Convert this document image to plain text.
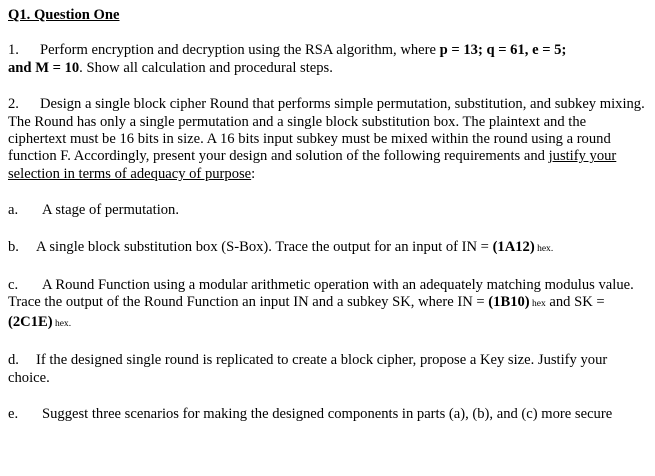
Q1. Question One
1. Perform encryption and decryption using the RSA algorithm, where p = 13; q = 61, e = 5;
and M = 10. Show all calculation and procedural steps.
2. Design a single block cipher Round that performs simple permutation, substitution, and subkey mixing. The Round has only a single permutation and a single block substitution box. The plaintext and the ciphertext must be 16 bits in size. A 16 bits input subkey must be mixed within the round using a round function F. Accordingly, present your design and solution of the following requirements and justify your selection in terms of adequacy of purpose:
a. A stage of permutation.
b. A single block substitution box (S-Box). Trace the output for an input of IN = (1A12) hex.
c. A Round Function using a modular arithmetic operation with an adequately matching modulus value. Trace the output of the Round Function an input IN and a subkey SK, where IN = (1B10) hex and SK = (2C1E) hex.
d. If the designed single round is replicated to create a block cipher, propose a Key size. Justify your choice.
e. Suggest three scenarios for making the designed components in parts (a), (b), and (c) more secure
